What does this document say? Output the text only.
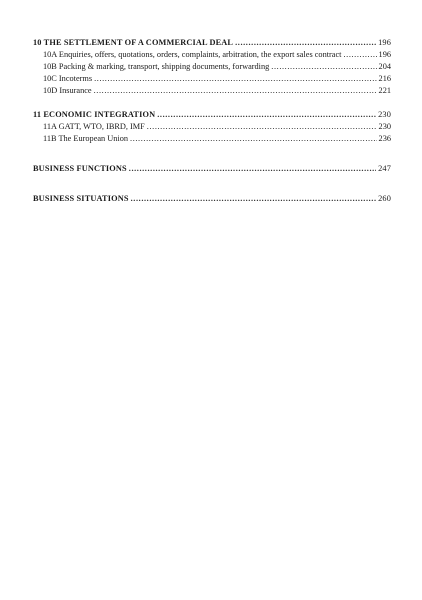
10 THE SETTLEMENT OF A COMMERCIAL DEAL .....	196
10A Enquiries, offers, quotations, orders, complaints, arbitration, the export sales contract .....	196
10B Packing & marking, transport, shipping documents, forwarding .....	204
10C Incoterms .....	216
10D Insurance .....	221
11 ECONOMIC INTEGRATION .....	230
11A GATT, WTO, IBRD, IMF .....	230
11B The European Union .....	236
BUSINESS FUNCTIONS .....	247
BUSINESS SITUATIONS .....	260
